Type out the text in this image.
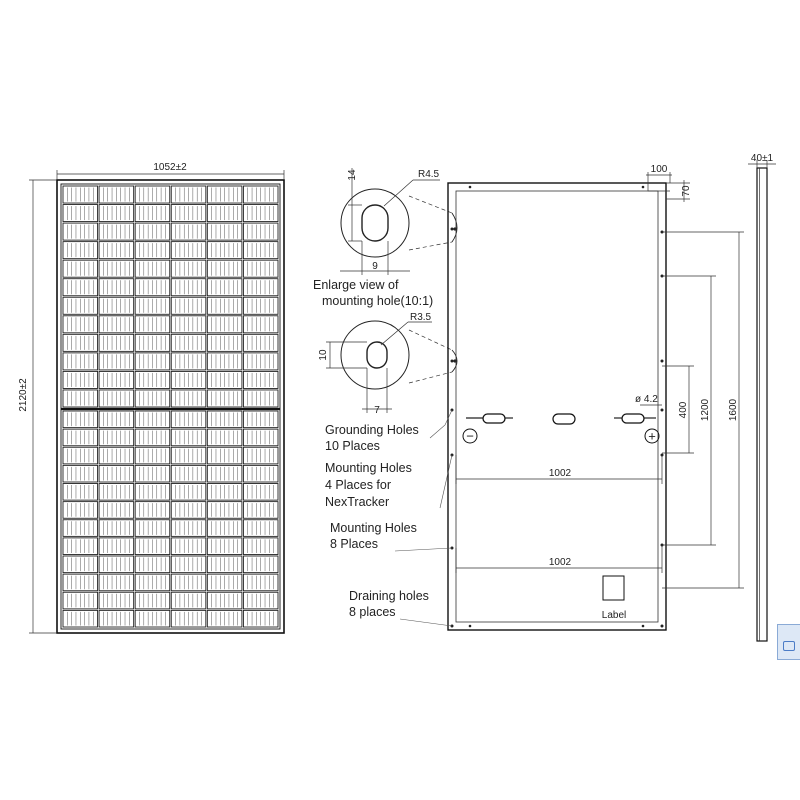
1052±2
2120±2
14	R4.5
9
Enlarge view of
mounting hole(10:1)
10
R3.5
7
100
70
−	+
ø 4.2
1002
1002
Label
400 1200 1600
40±1
Grounding Holes
10 Places
Mounting Holes
4 Places for
NexTracker
Mounting Holes
8 Places
Draining holes
8 places
